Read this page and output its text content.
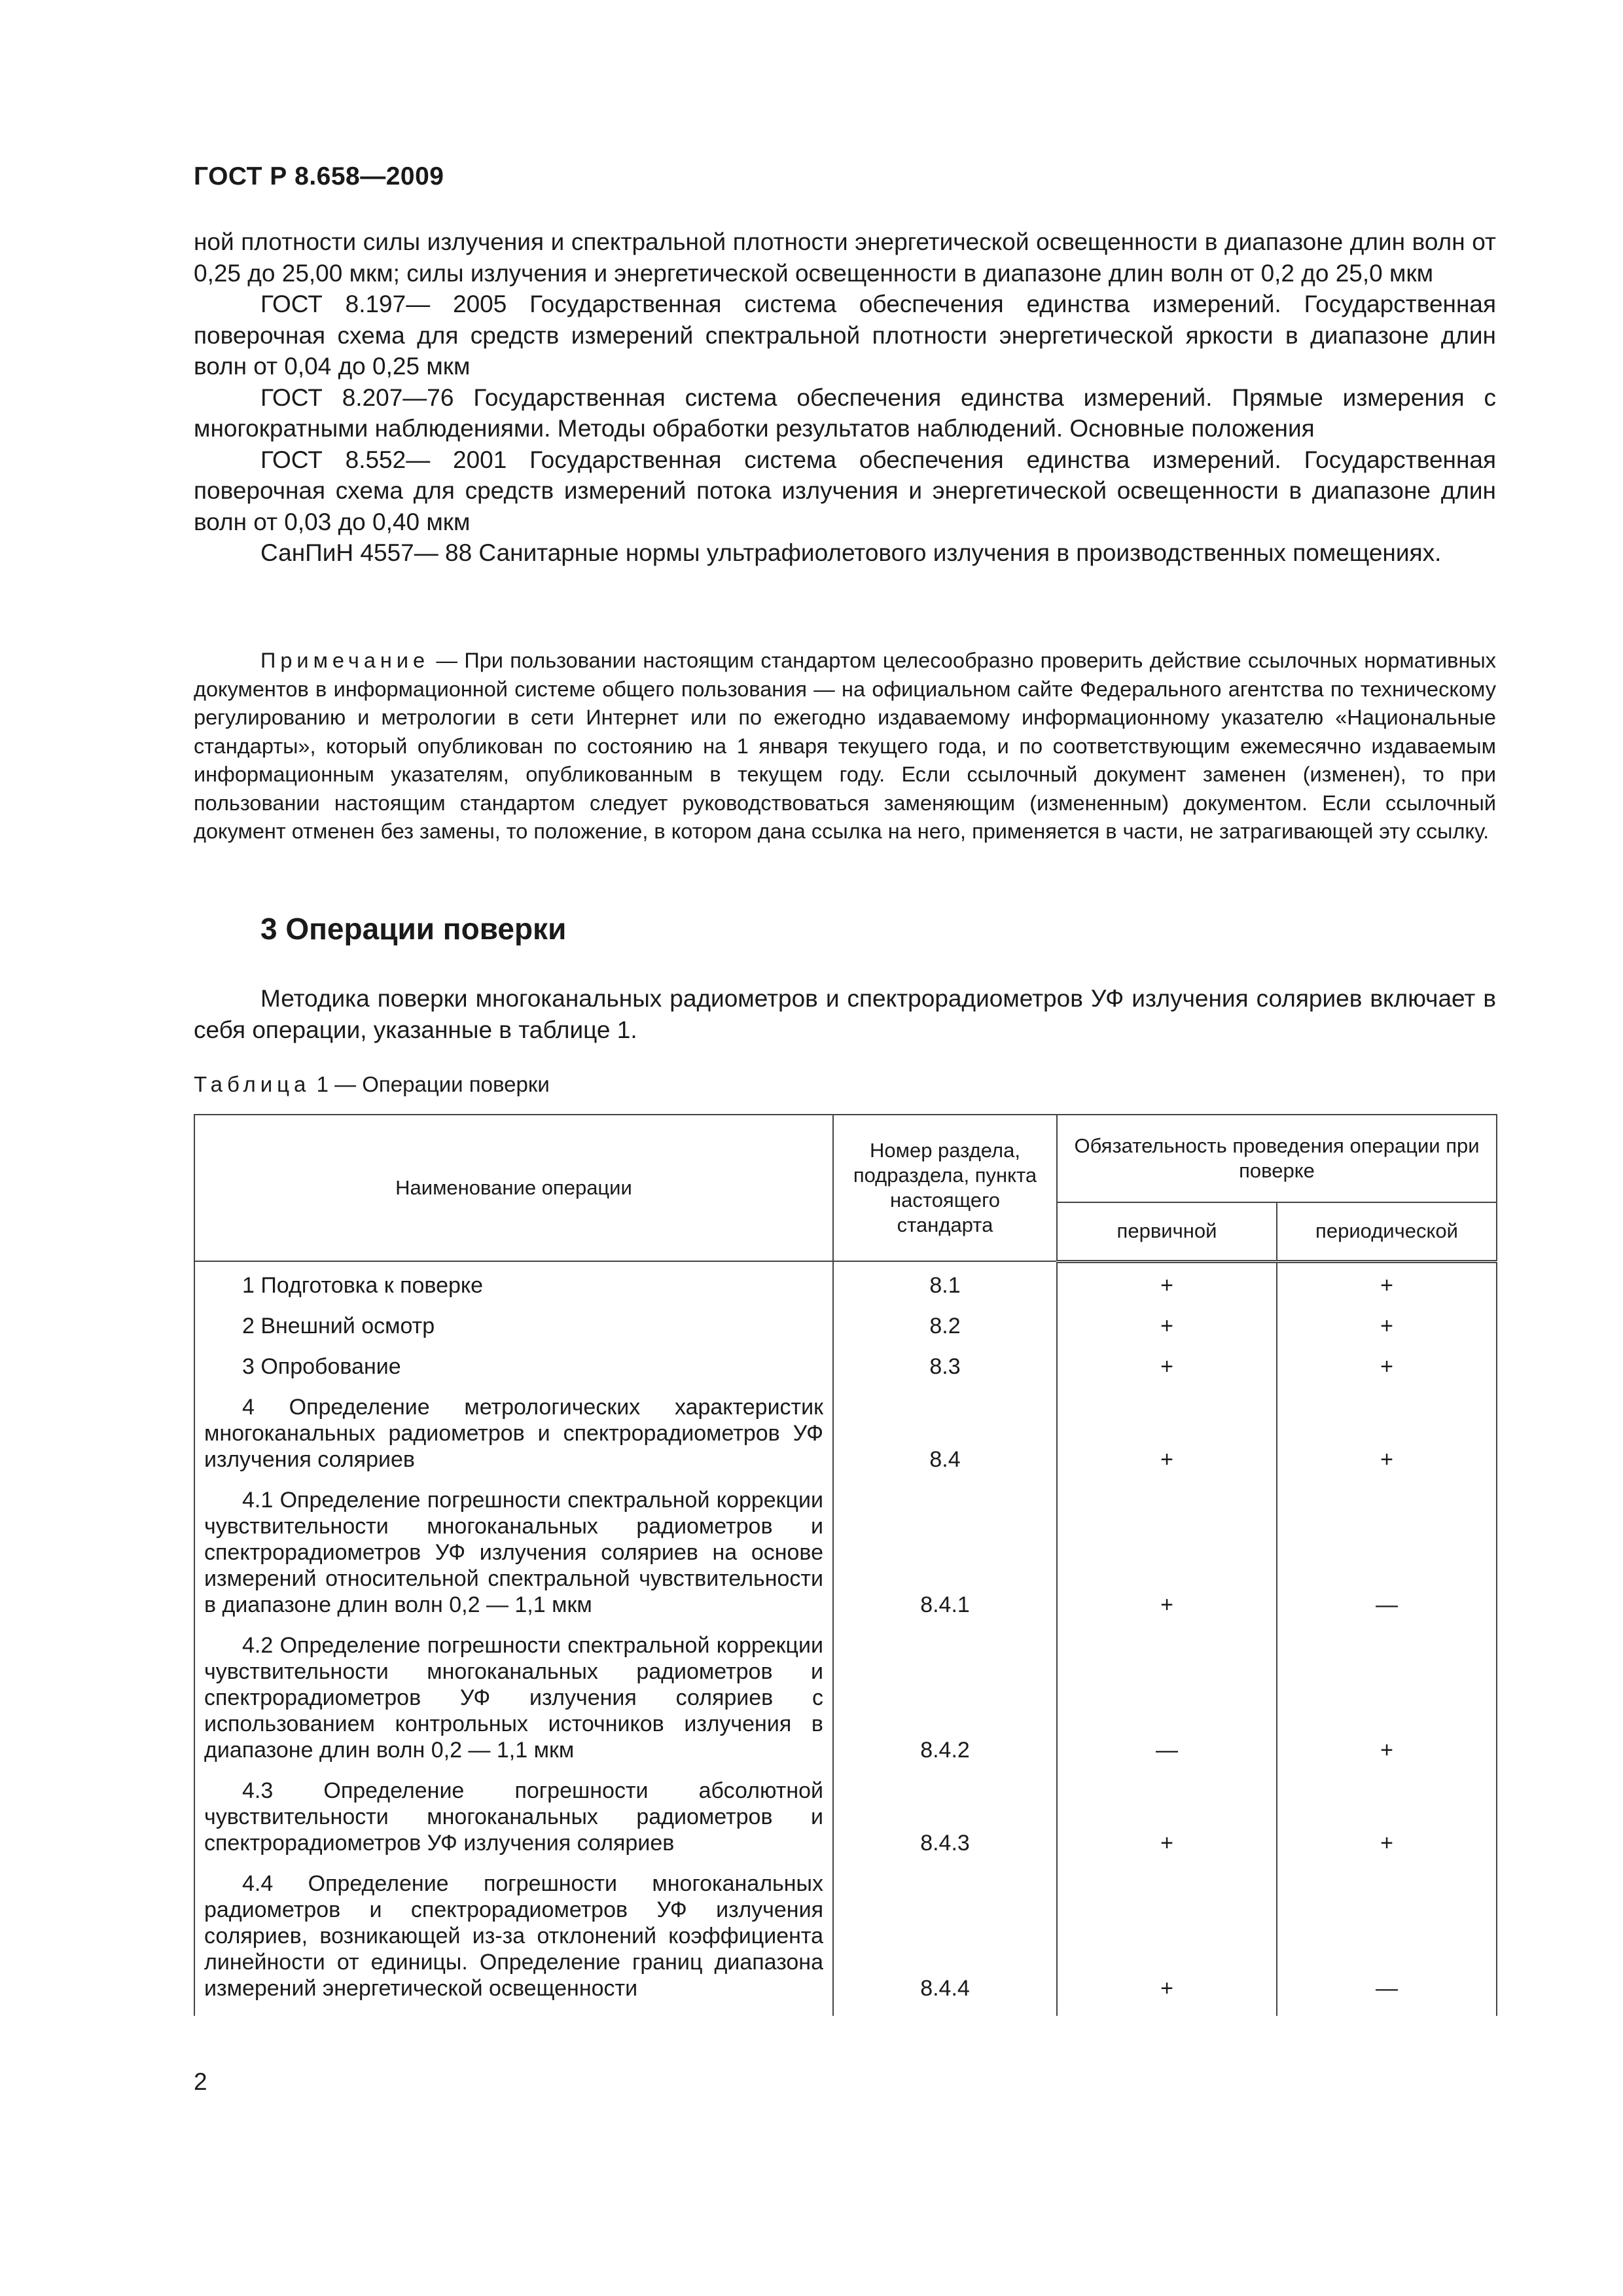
ГОСТ Р 8.658—2009

ной плотности силы излучения и спектральной плотности энергетической освещенности в диапазоне длин волн от 0,25 до 25,00 мкм; силы излучения и энергетической освещенности в диапазоне длин волн от 0,2 до 25,0 мкм

ГОСТ 8.197— 2005 Государственная система обеспечения единства измерений. Государственная поверочная схема для средств измерений спектральной плотности энергетической яркости в диапазоне длин волн от 0,04 до 0,25 мкм

ГОСТ 8.207—76 Государственная система обеспечения единства измерений. Прямые измерения с многократными наблюдениями. Методы обработки результатов наблюдений. Основные положения

ГОСТ 8.552— 2001 Государственная система обеспечения единства измерений. Государственная поверочная схема для средств измерений потока излучения и энергетической освещенности в диапазоне длин волн от 0,03 до 0,40 мкм

СанПиН 4557— 88 Санитарные нормы ультрафиолетового излучения в производственных помещениях.

Примечание — При пользовании настоящим стандартом целесообразно проверить действие ссылочных нормативных документов в информационной системе общего пользования — на официальном сайте Федерального агентства по техническому регулированию и метрологии в сети Интернет или по ежегодно издаваемому информационному указателю «Национальные стандарты», который опубликован по состоянию на 1 января текущего года, и по соответствующим ежемесячно издаваемым информационным указателям, опубликованным в текущем году. Если ссылочный документ заменен (изменен), то при пользовании настоящим стандартом следует руководствоваться заменяющим (измененным) документом. Если ссылочный документ отменен без замены, то положение, в котором дана ссылка на него, применяется в части, не затрагивающей эту ссылку.

3 Операции поверки

Методика поверки многоканальных радиометров и спектрорадиометров УФ излучения соляриев включает в себя операции, указанные в таблице 1.

Таблица 1 — Операции поверки
Наименование операции	Номер раздела, подраздела, пункта настоящего стандарта	Обязательность проведения операции при поверке	
		первичной	периодической

1 Подготовка к поверке	8.1	+	+

2 Внешний осмотр	8.2	+	+

3 Опробование	8.3	+	+

4 Определение метрологических характеристик многоканальных радиометров и спектрорадиометров УФ излучения соляриев	8.4	+	+

4.1 Определение погрешности спектральной коррекции чувствительности многоканальных радиометров и спектрорадиометров УФ излучения соляриев на основе измерений относительной спектральной чувствительности в диапазоне длин волн 0,2 — 1,1 мкм	8.4.1	+	—

4.2 Определение погрешности спектральной коррекции чувствительности многоканальных радиометров и спектрорадиометров УФ излучения соляриев с использованием контрольных источников излучения в диапазоне длин волн 0,2 — 1,1 мкм	8.4.2	—	+

4.3 Определение погрешности абсолютной чувствительности многоканальных радиометров и спектрорадиометров УФ излучения соляриев	8.4.3	+	+

4.4 Определение погрешности многоканальных радиометров и спектрорадиометров УФ излучения соляриев, возникающей из-за отклонений коэффициента линейности от единицы. Определение границ диапазона измерений энергетической освещенности	8.4.4	+	—
2
